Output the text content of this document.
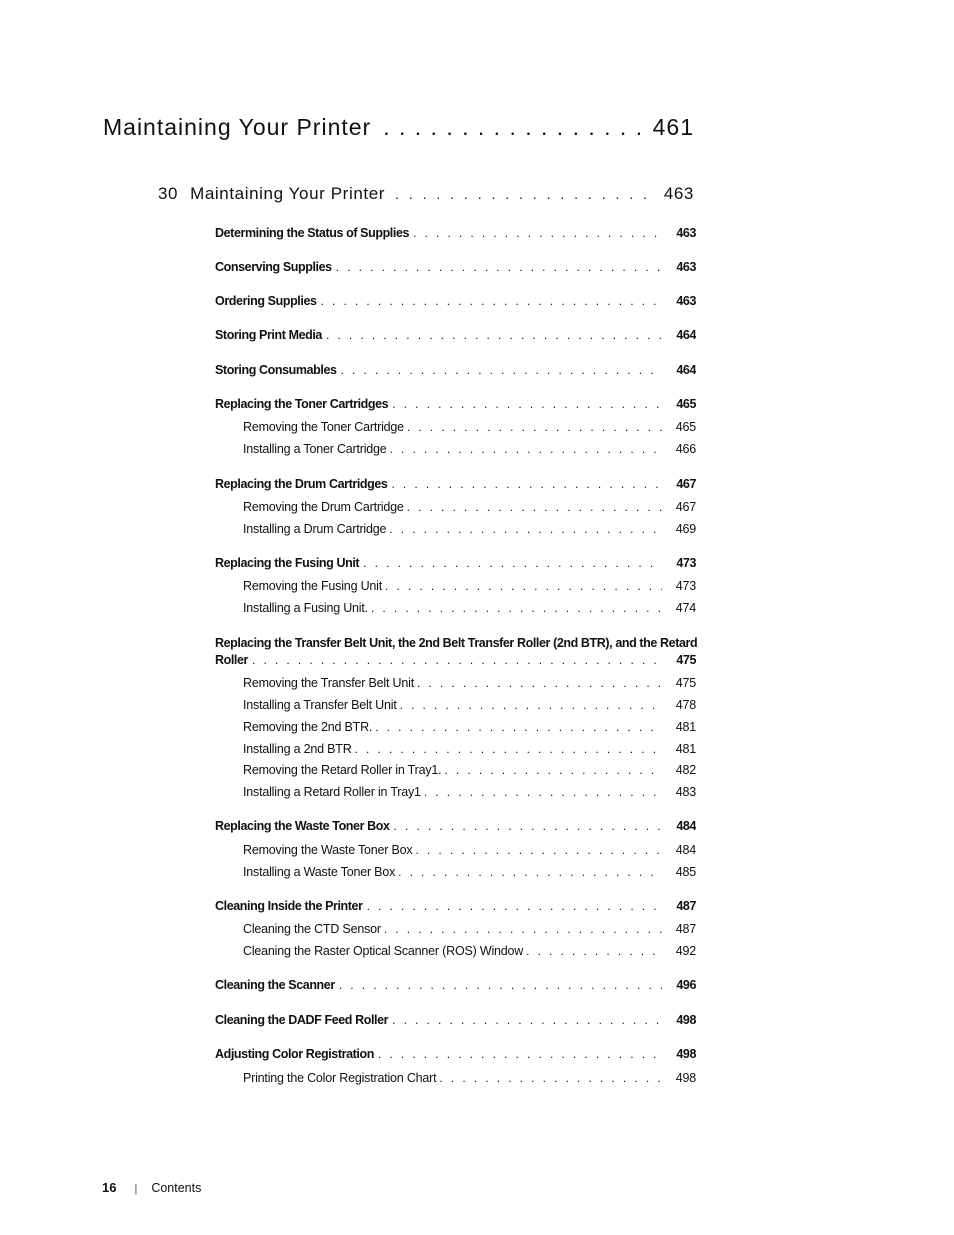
Maintaining Your Printer . . .	461
30 Maintaining Your Printer . . .	463
Determining the Status of Supplies . . .	463
Conserving Supplies . . .	463
Ordering Supplies . . .	463
Storing Print Media . . .	464
Storing Consumables . . .	464
Replacing the Toner Cartridges . . .	465
Removing the Toner Cartridge . . .	465
Installing a Toner Cartridge . . .	466
Replacing the Drum Cartridges . . .	467
Removing the Drum Cartridge . . .	467
Installing a Drum Cartridge . . .	469
Replacing the Fusing Unit . . .	473
Removing the Fusing Unit . . .	473
Installing a Fusing Unit. . . .	474
Replacing the Transfer Belt Unit, the 2nd Belt Transfer Roller (2nd BTR), and the Retard
Roller . . .	475
Removing the Transfer Belt Unit . . .	475
Installing a Transfer Belt Unit . . .	478
Removing the 2nd BTR. . . .	481
Installing a 2nd BTR . . .	481
Removing the Retard Roller in Tray1. . . .	482
Installing a Retard Roller in Tray1 . . .	483
Replacing the Waste Toner Box . . .	484
Removing the Waste Toner Box . . .	484
Installing a Waste Toner Box . . .	485
Cleaning Inside the Printer . . .	487
Cleaning the CTD Sensor . . .	487
Cleaning the Raster Optical Scanner (ROS) Window . . .	492
Cleaning the Scanner . . .	496
Cleaning the DADF Feed Roller . . .	498
Adjusting Color Registration . . .	498
Printing the Color Registration Chart . . .	498
16 | Contents
